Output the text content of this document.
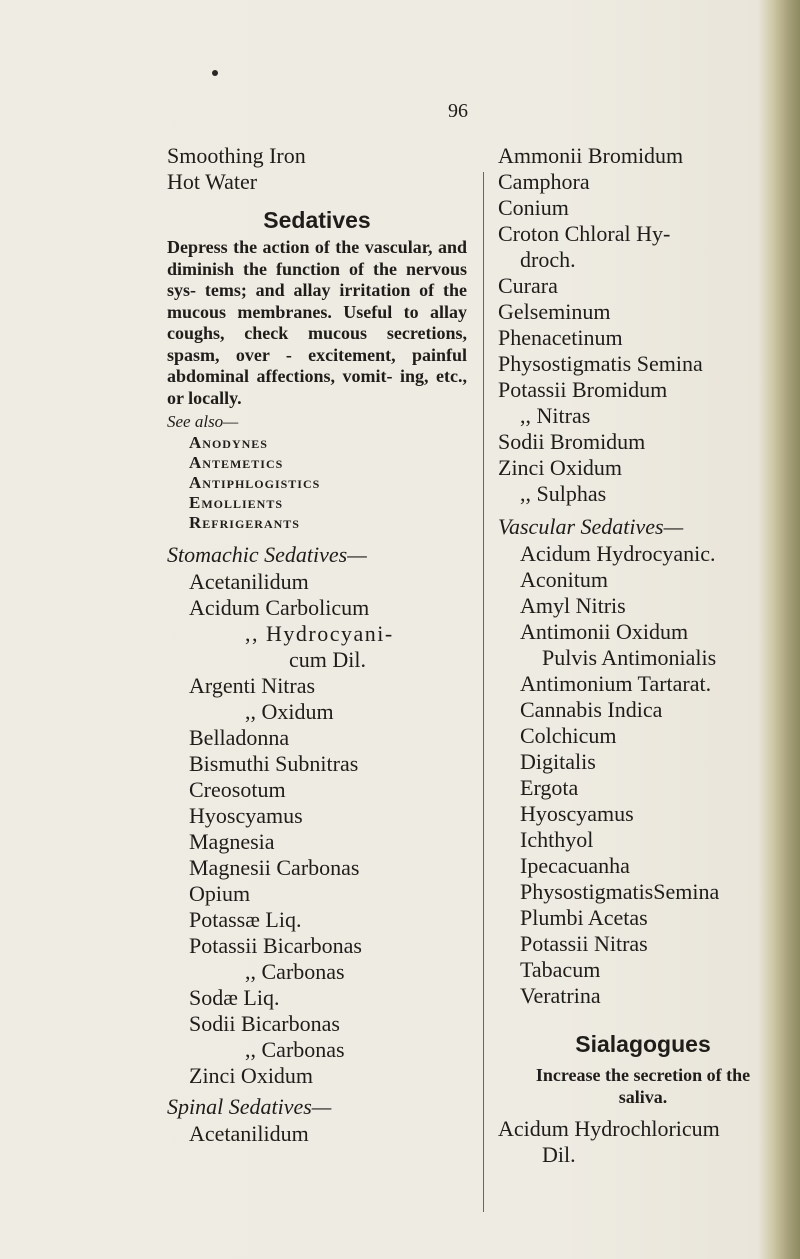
96
Smoothing Iron
Hot Water
Sedatives
Depress the action of the vascular, and diminish the function of the nervous sys- tems; and allay irritation of the mucous membranes. Useful to allay coughs, check mucous secretions, spasm, over - excitement, painful abdominal affections, vomit- ing, etc., or locally.
See also—
Anodynes
Antemetics
Antiphlogistics
Emollients
Refrigerants
Stomachic Sedatives—
Acetanilidum
Acidum Carbolicum
,, Hydrocyani-
cum Dil.
Argenti Nitras
,, Oxidum
Belladonna
Bismuthi Subnitras
Creosotum
Hyoscyamus
Magnesia
Magnesii Carbonas
Opium
Potassæ Liq.
Potassii Bicarbonas
,, Carbonas
Sodæ Liq.
Sodii Bicarbonas
,, Carbonas
Zinci Oxidum
Spinal Sedatives—
Acetanilidum
Ammonii Bromidum
Camphora
Conium
Croton Chloral Hy-
droch.
Curara
Gelseminum
Phenacetinum
Physostigmatis Semina
Potassii Bromidum
,, Nitras
Sodii Bromidum
Zinci Oxidum
,, Sulphas
Vascular Sedatives—
Acidum Hydrocyanic.
Aconitum
Amyl Nitris
Antimonii Oxidum
Pulvis Antimonialis
Antimonium Tartarat.
Cannabis Indica
Colchicum
Digitalis
Ergota
Hyoscyamus
Ichthyol
Ipecacuanha
PhysostigmatisSemina
Plumbi Acetas
Potassii Nitras
Tabacum
Veratrina
Sialagogues
Increase the secretion of the
saliva.
Acidum Hydrochloricum
Dil.
